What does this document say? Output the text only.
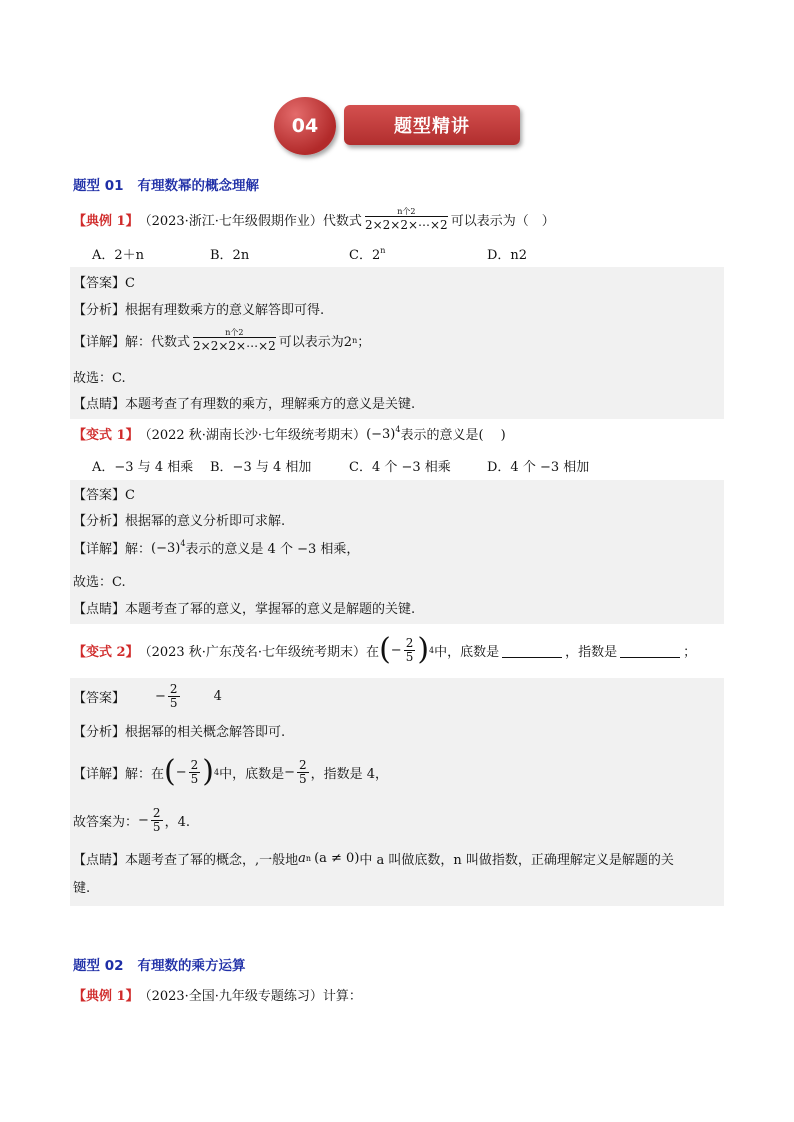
04	题型精讲
题型 01 有理数幂的概念理解
【典例 1】 （2023·浙江·七年级假期作业）代数式
n个2
2×2×2×⋯×2 可以表示为（　）
A．2＋n	B．2n	C．2$^n$	D．n2
【答案】C
【分析】根据有理数乘方的意义解答即可得.
【详解】解：代数式
n个2
2×2×2×⋯×2 可以表示为2 n ；
故选：C.
【点睛】本题考查了有理数的乘方，理解乘方的意义是关键.
【变式 1】 （2022 秋·湖南长沙·七年级统考期末） $(-3)^4$ 表示的意义是(　 )
A．−3 与 4 相乘 B．−3 与 4 相加	C．4 个 −3 相乘	D．4 个 −3 相加
【答案】C
【分析】根据幂的意义分析即可求解.
【详解】解： $(-3)^4$ 表示的意义是 4 个 −3 相乘，
故选：C.
【点睛】本题考查了幂的意义，掌握幂的意义是解题的关键.
【变式 2】 （2023 秋·广东茂名·七年级统考期末）在 ( − $\frac{2}{5}$ ) 4 中，底数是	，指数是	；
【答案】 − $\frac{2}{5}$	4
【分析】根据幂的相关概念解答即可.
【详解】解：在 ( − $\frac{2}{5}$ ) 4 中，底数是 − $\frac{2}{5}$ ，指数是 4，
故答案为： − $\frac{2}{5}$ ，4.
【点睛】本题考查了幂的概念，,一般地 a n (a ≠ 0) 中 a 叫做底数，n 叫做指数，正确理解定义是解题的关
键.
题型 02 有理数的乘方运算
【典例 1】 （2023·全国·九年级专题练习）计算：
